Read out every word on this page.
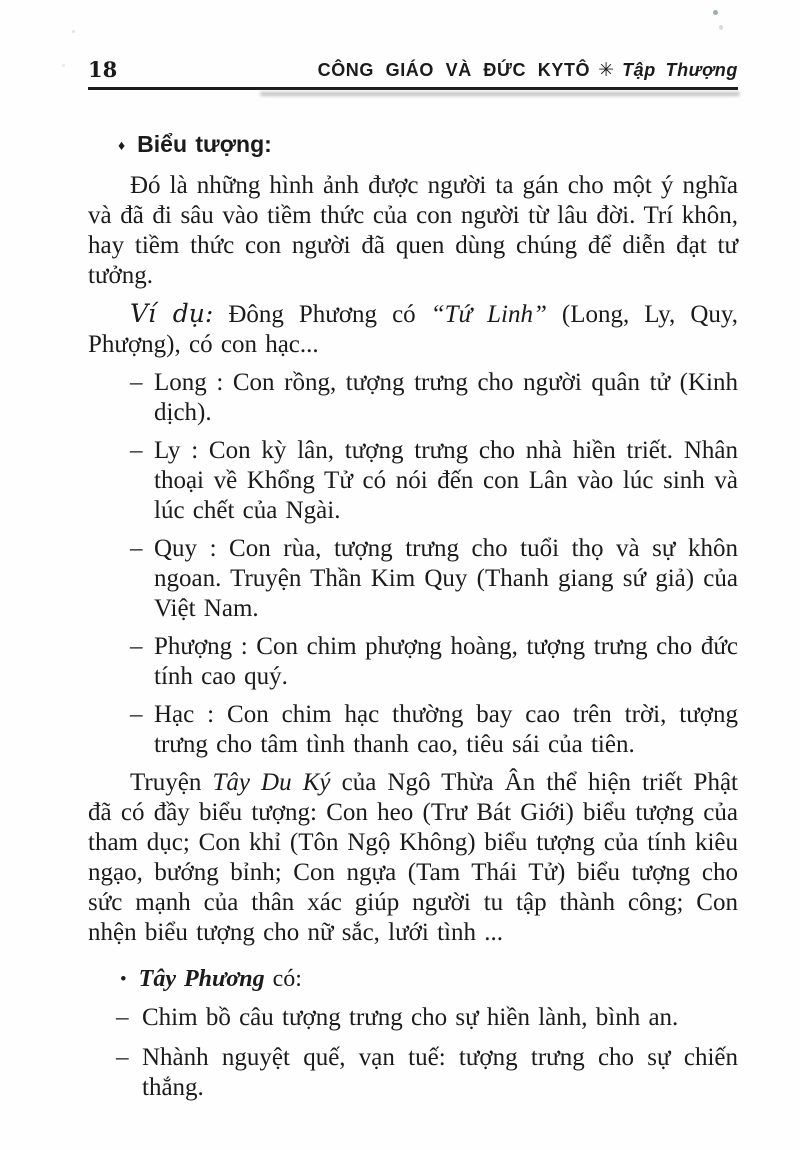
18	CÔNG GIÁO VÀ ĐỨC KYTÔ ✳ Tập Thượng
♦ Biểu tượng:

Đó là những hình ảnh được người ta gán cho một ý nghĩa và đã đi sâu vào tiềm thức của con người từ lâu đời. Trí khôn, hay tiềm thức con người đã quen dùng chúng để diễn đạt tư tưởng.

Ví dụ: Đông Phương có “Tứ Linh” (Long, Ly, Quy, Phượng), có con hạc...

– Long : Con rồng, tượng trưng cho người quân tử (Kinh dịch).

– Ly : Con kỳ lân, tượng trưng cho nhà hiền triết. Nhân thoại về Khổng Tử có nói đến con Lân vào lúc sinh và lúc chết của Ngài.

– Quy : Con rùa, tượng trưng cho tuổi thọ và sự khôn ngoan. Truyện Thần Kim Quy (Thanh giang sứ giả) của Việt Nam.

– Phượng : Con chim phượng hoàng, tượng trưng cho đức tính cao quý.

– Hạc : Con chim hạc thường bay cao trên trời, tượng trưng cho tâm tình thanh cao, tiêu sái của tiên.

Truyện Tây Du Ký của Ngô Thừa Ân thể hiện triết Phật đã có đầy biểu tượng: Con heo (Trư Bát Giới) biểu tượng của tham dục; Con khỉ (Tôn Ngộ Không) biểu tượng của tính kiêu ngạo, bướng bỉnh; Con ngựa (Tam Thái Tử) biểu tượng cho sức mạnh của thân xác giúp người tu tập thành công; Con nhện biểu tượng cho nữ sắc, lưới tình ...

• Tây Phương có:

– Chim bồ câu tượng trưng cho sự hiền lành, bình an.

– Nhành nguyệt quế, vạn tuế: tượng trưng cho sự chiến thắng.
